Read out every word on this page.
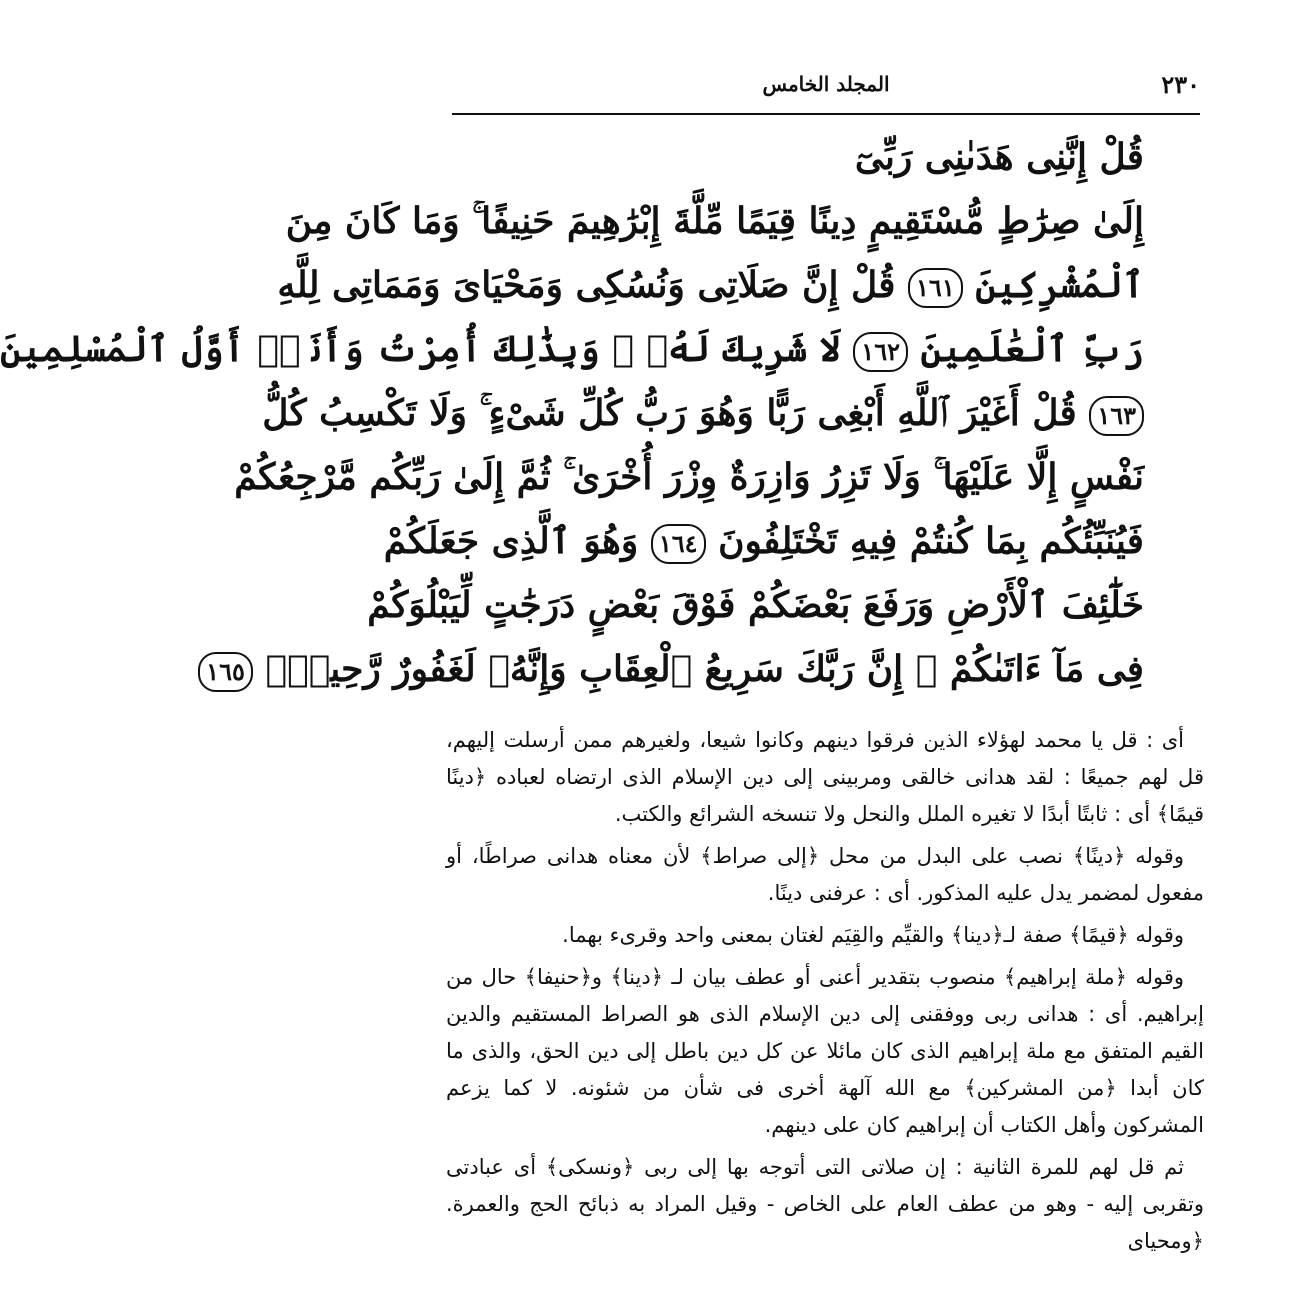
٢٣٠
المجلد الخامس
قُلْ إِنَّنِى هَدَىٰنِى رَبِّىٓ
إِلَىٰ صِرَٰطٍ مُّسْتَقِيمٍ دِينًا قِيَمًا مِّلَّةَ إِبْرَٰهِيمَ حَنِيفًا ۚ وَمَا كَانَ مِنَ
ٱلْمُشْرِكِينَ ١٦١ قُلْ إِنَّ صَلَاتِى وَنُسُكِى وَمَحْيَاىَ وَمَمَاتِى لِلَّهِ
رَبِّ ٱلْعَٰلَمِينَ ١٦٢ لَا شَرِيكَ لَهُۥ ۖ وَبِذَٰلِكَ أُمِرْتُ وَأَنَا۠ أَوَّلُ ٱلْمُسْلِمِينَ
١٦٣ قُلْ أَغَيْرَ ٱللَّهِ أَبْغِى رَبًّا وَهُوَ رَبُّ كُلِّ شَىْءٍ ۚ وَلَا تَكْسِبُ كُلُّ
نَفْسٍ إِلَّا عَلَيْهَا ۚ وَلَا تَزِرُ وَازِرَةٌ وِزْرَ أُخْرَىٰ ۚ ثُمَّ إِلَىٰ رَبِّكُم مَّرْجِعُكُمْ
فَيُنَبِّئُكُم بِمَا كُنتُمْ فِيهِ تَخْتَلِفُونَ ١٦٤ وَهُوَ ٱلَّذِى جَعَلَكُمْ
خَلَٰٓئِفَ ٱلْأَرْضِ وَرَفَعَ بَعْضَكُمْ فَوْقَ بَعْضٍ دَرَجَٰتٍ لِّيَبْلُوَكُمْ
فِى مَآ ءَاتَىٰكُمْ ۗ إِنَّ رَبَّكَ سَرِيعُ ٱلْعِقَابِ وَإِنَّهُۥ لَغَفُورٌ رَّحِيمٌۢ ١٦٥

أى : قل يا محمد لهؤلاء الذين فرقوا دينهم وكانوا شيعا، ولغيرهم ممن أرسلت إليهم، قل لهم جميعًا : لقد هدانى خالقى ومربينى إلى دين الإسلام الذى ارتضاه لعباده ﴿دينًا قيمًا﴾ أى : ثابتًا أبدًا لا تغيره الملل والنحل ولا تنسخه الشرائع والكتب.

وقوله ﴿دينًا﴾ نصب على البدل من محل ﴿إلى صراط﴾ لأن معناه هدانى صراطًا، أو مفعول لمضمر يدل عليه المذكور. أى : عرفنى دينًا.

وقوله ﴿قيمًا﴾ صفة لـ﴿دينا﴾ والقيِّم والقِيَم لغتان بمعنى واحد وقرىء بهما.

وقوله ﴿ملة إبراهيم﴾ منصوب بتقدير أعنى أو عطف بيان لـ ﴿دينا﴾ و﴿حنيفا﴾ حال من إبراهيم. أى : هدانى ربى ووفقنى إلى دين الإسلام الذى هو الصراط المستقيم والدين القيم المتفق مع ملة إبراهيم الذى كان مائلا عن كل دين باطل إلى دين الحق، والذى ما كان أبدا ﴿من المشركين﴾ مع الله آلهة أخرى فى شأن من شئونه. لا كما يزعم المشركون وأهل الكتاب أن إبراهيم كان على دينهم.

ثم قل لهم للمرة الثانية : إن صلاتى التى أتوجه بها إلى ربى ﴿ونسكى﴾ أى عبادتى وتقربى إليه - وهو من عطف العام على الخاص - وقيل المراد به ذبائح الحج والعمرة. ﴿ومحياى
